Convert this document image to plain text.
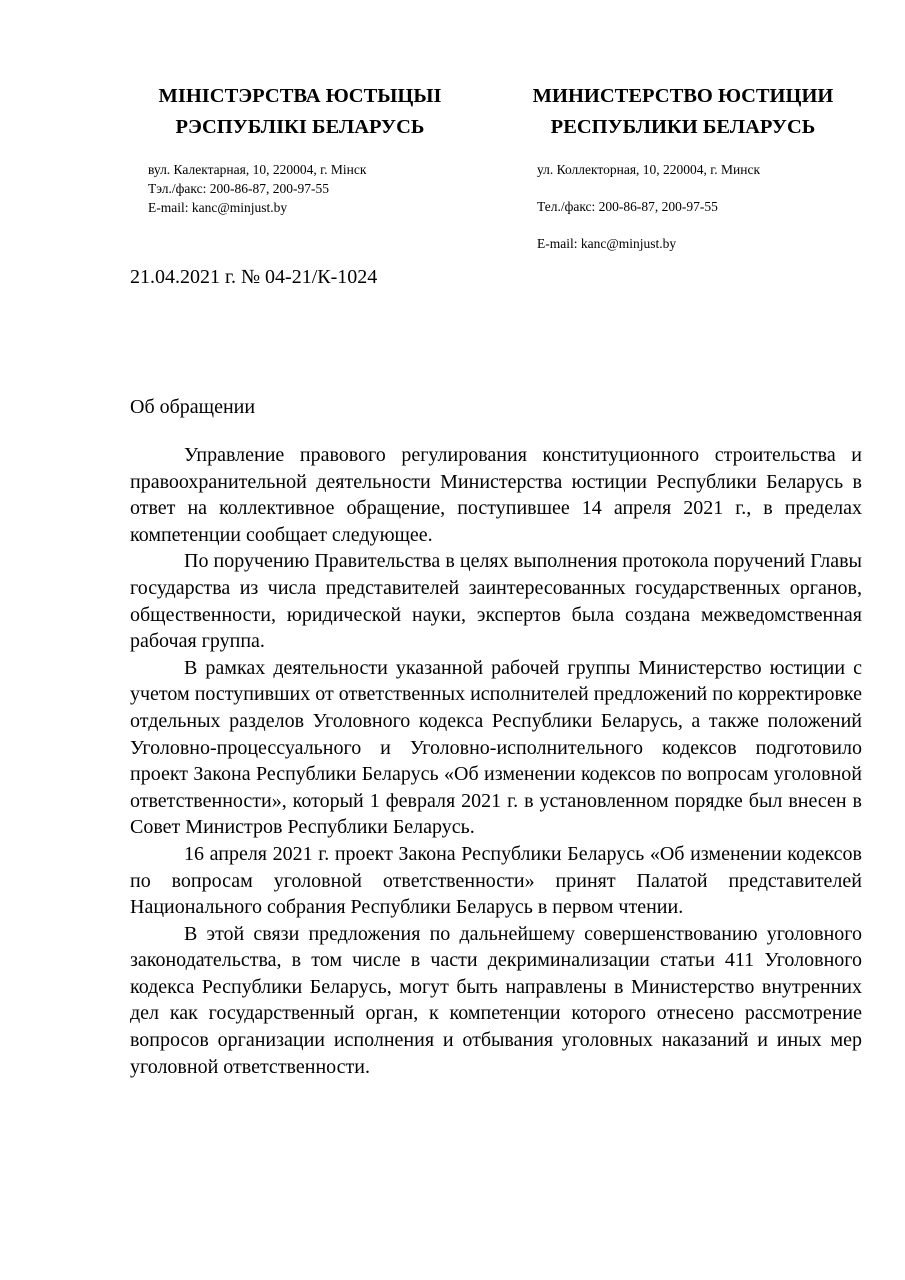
МІНІСТЭРСТВА ЮСТЫЦЫІ
РЭСПУБЛІКІ БЕЛАРУСЬ
МИНИСТЕРСТВО ЮСТИЦИИ
РЕСПУБЛИКИ БЕЛАРУСЬ
вул. Калектарная, 10, 220004, г. Мінск
Тэл./факс: 200-86-87, 200-97-55
E-mail: kanc@minjust.by
ул. Коллекторная, 10, 220004, г. Минск
Тел./факс: 200-86-87, 200-97-55
E-mail: kanc@minjust.by
21.04.2021 г. № 04-21/К-1024
Об обращении

Управление правового регулирования конституционного строительства и правоохранительной деятельности Министерства юстиции Республики Беларусь в ответ на коллективное обращение, поступившее 14 апреля 2021 г., в пределах компетенции сообщает следующее.

По поручению Правительства в целях выполнения протокола поручений Главы государства из числа представителей заинтересованных государственных органов, общественности, юридической науки, экспертов была создана межведомственная рабочая группа.

В рамках деятельности указанной рабочей группы Министерство юстиции с учетом поступивших от ответственных исполнителей предложений по корректировке отдельных разделов Уголовного кодекса Республики Беларусь, а также положений Уголовно-процессуального и Уголовно-исполнительного кодексов подготовило проект Закона Республики Беларусь «Об изменении кодексов по вопросам уголовной ответственности», который 1 февраля 2021 г. в установленном порядке был внесен в Совет Министров Республики Беларусь.

16 апреля 2021 г. проект Закона Республики Беларусь «Об изменении кодексов по вопросам уголовной ответственности» принят Палатой представителей Национального собрания Республики Беларусь в первом чтении.

В этой связи предложения по дальнейшему совершенствованию уголовного законодательства, в том числе в части декриминализации статьи 411 Уголовного кодекса Республики Беларусь, могут быть направлены в Министерство внутренних дел как государственный орган, к компетенции которого отнесено рассмотрение вопросов организации исполнения и отбывания уголовных наказаний и иных мер уголовной ответственности.
